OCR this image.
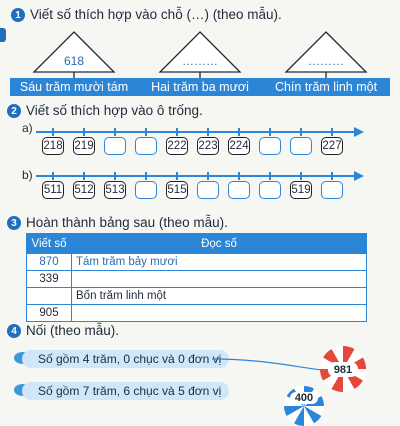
1 Viết số thích hợp vào chỗ (…) (theo mẫu).
618
Sáu trăm mười tám
………
Hai trăm ba mươi
………
Chín trăm linh một
2 Viết số thích hợp vào ô trống.
a)
218 219	222 223 224	227
b)
511 512 513	515	519
3 Hoàn thành bảng sau (theo mẫu).
Viết số	Đọc số
870	Tám trăm bảy mươi
339	
	Bốn trăm linh một
905	
4 Nối (theo mẫu).
Số gồm 4 trăm, 0 chục và 0 đơn vị
Số gồm 7 trăm, 6 chục và 5 đơn vị
981
400
